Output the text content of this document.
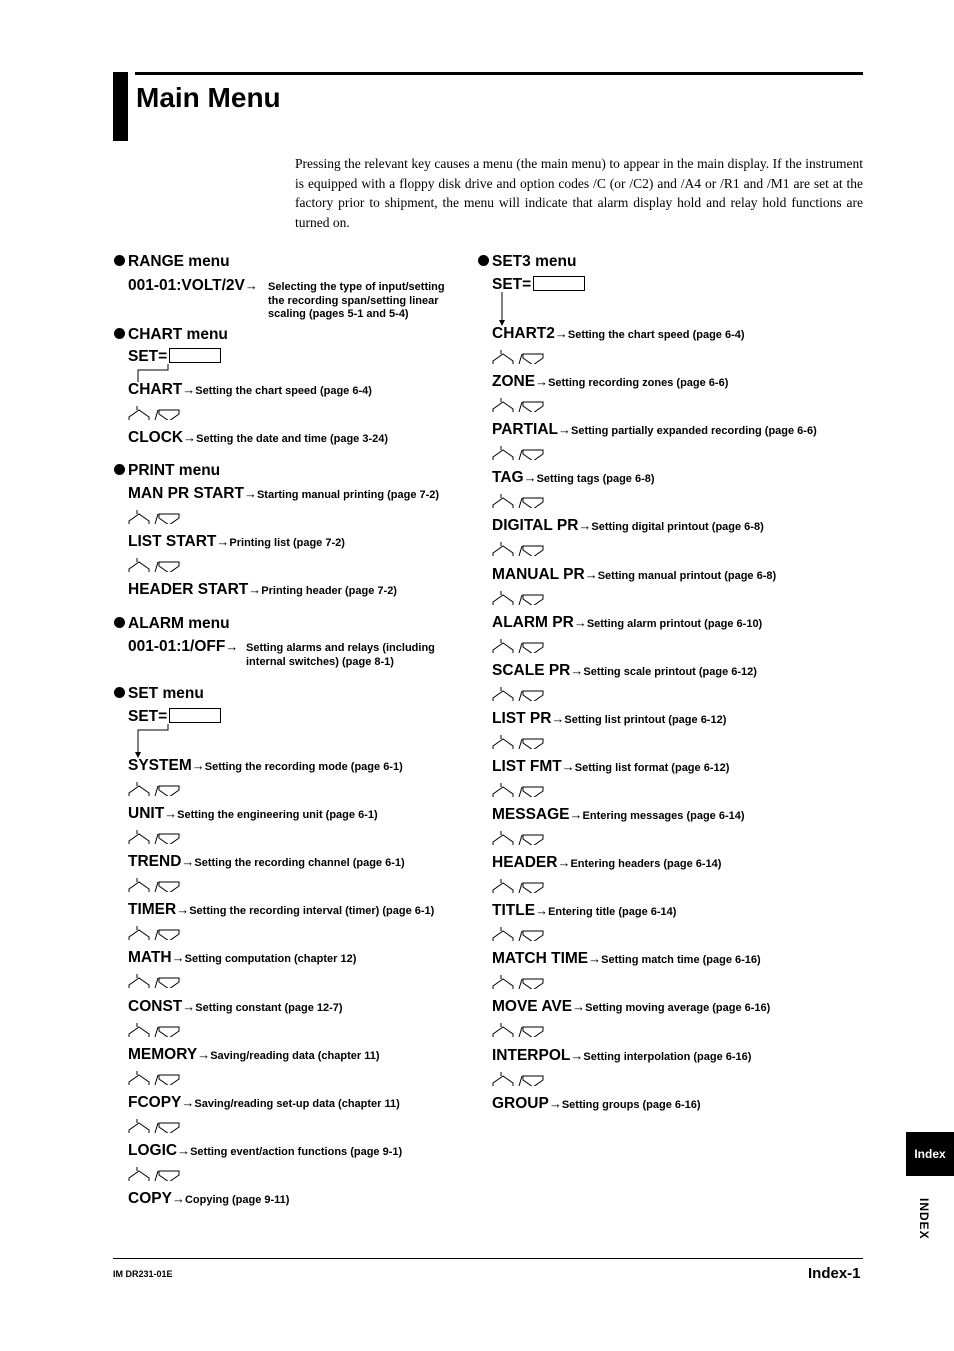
Main Menu

Pressing the relevant key causes a menu (the main menu) to appear in the main display. If the instrument is equipped with a floppy disk drive and option codes /C (or /C2) and /A4 or /R1 and /M1 are set at the factory prior to shipment, the menu will indicate that alarm display hold and relay hold functions are turned on.

RANGE menu
001-01:VOLT/2V→ Selecting the type of input/setting
the recording span/setting linear
scaling (pages 5-1 and 5-4)
CHART menu
SET=
CHART→Setting the chart speed (page 6-4)
CLOCK→Setting the date and time (page 3-24)
PRINT menu
MAN PR START→Starting manual printing (page 7-2)
LIST START→Printing list (page 7-2)
HEADER START→Printing header (page 7-2)
ALARM menu
001-01:1/OFF→ Setting alarms and relays (including
internal switches) (page 8-1)
SET menu
SET=
SYSTEM→Setting the recording mode (page 6-1)
UNIT→Setting the engineering unit (page 6-1)
TREND→Setting the recording channel (page 6-1)
TIMER→Setting the recording interval (timer) (page 6-1)
MATH→Setting computation (chapter 12)
CONST→Setting constant (page 12-7)
MEMORY→Saving/reading data (chapter 11)
FCOPY→Saving/reading set-up data (chapter 11)
LOGIC→Setting event/action functions (page 9-1)
COPY→Copying (page 9-11)
SET3 menu
SET=
CHART2→Setting the chart speed (page 6-4)
ZONE→Setting recording zones (page 6-6)
PARTIAL→Setting partially expanded recording (page 6-6)
TAG→Setting tags (page 6-8)
DIGITAL PR→Setting digital printout (page 6-8)
MANUAL PR→Setting manual printout (page 6-8)
ALARM PR→Setting alarm printout (page 6-10)
SCALE PR→Setting scale printout (page 6-12)
LIST PR→Setting list printout (page 6-12)
LIST FMT→Setting list format (page 6-12)
MESSAGE→Entering messages (page 6-14)
HEADER→Entering headers (page 6-14)
TITLE→Entering title (page 6-14)
MATCH TIME→Setting match time (page 6-16)
MOVE AVE→Setting moving average (page 6-16)
INTERPOL→Setting interpolation (page 6-16)
GROUP→Setting groups (page 6-16)
IM DR231-01E	Index-1
Index
INDEX
